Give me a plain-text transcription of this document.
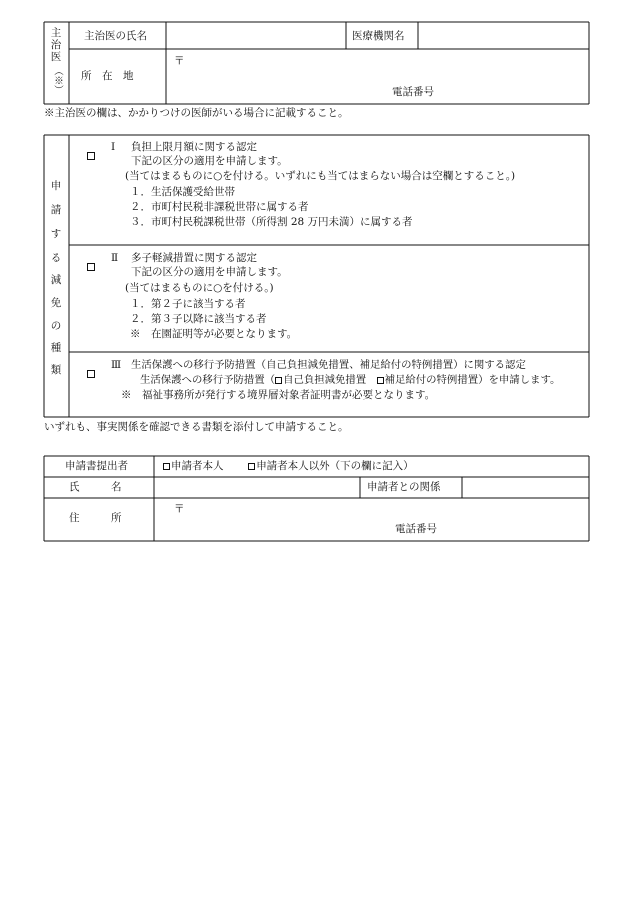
主
治
医
（※）
主治医の氏名	医療機関名
所　在　地
〒
電話番号
※主治医の欄は、かかりつけの医師がいる場合に記載すること。
申
請
す
る
減
免
の
種
類
Ⅰ 負担上限月額に関する認定
下記の区分の適用を申請します。
(当てはまるものに○を付ける。いずれにも当てはまらない場合は空欄とすること。)
１．生活保護受給世帯
２．市町村民税非課税世帯に属する者
３．市町村民税課税世帯（所得割 28 万円未満）に属する者
Ⅱ 多子軽減措置に関する認定
下記の区分の適用を申請します。
(当てはまるものに○を付ける。)
１．第２子に該当する者
２．第３子以降に該当する者
※　在園証明等が必要となります。
Ⅲ 生活保護への移行予防措置（自己負担減免措置、補足給付の特例措置）に関する認定
生活保護への移行予防措置（ 自己負担減免措置　補足給付の特例措置）を申請します。
※　福祉事務所が発行する境界層対象者証明書が必要となります。
いずれも、事実関係を確認できる書類を添付して申請すること。
申請書提出者	申請者本人	申請者本人以外（下の欄に記入）
氏　　　名	申請者との関係
住　　　所
〒
電話番号
